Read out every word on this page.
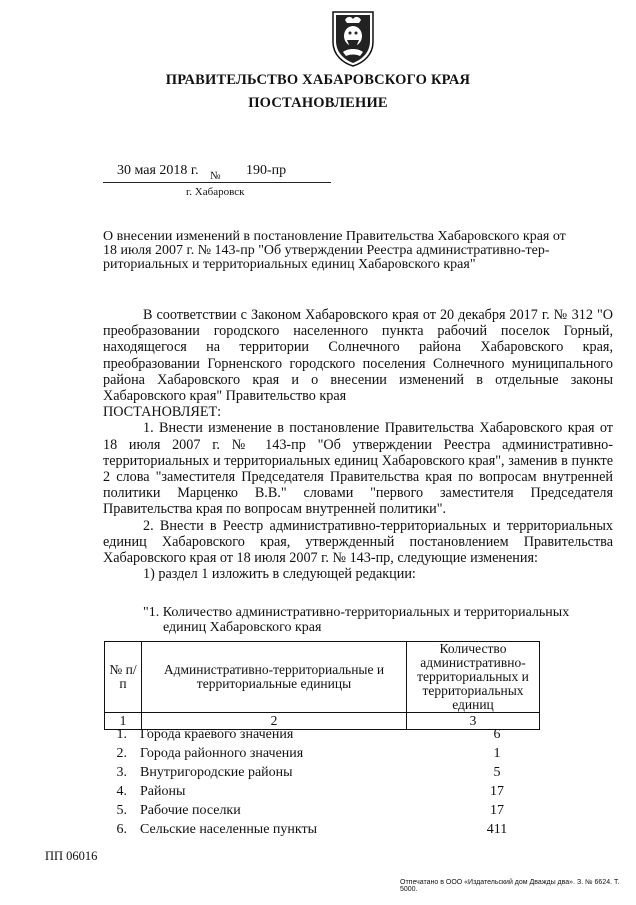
ПРАВИТЕЛЬСТВО ХАБАРОВСКОГО КРАЯ
ПОСТАНОВЛЕНИЕ
30 мая 2018 г. № 190-пр
г. Хабаровск
О внесении изменений в постановление Правительства Хабаровского края от
18 июля 2007 г. № 143-пр "Об утверждении Реестра административно-тер-
риториальных и территориальных единиц Хабаровского края"

В соответствии с Законом Хабаровского края от 20 декабря 2017 г. № 312 "О преобразовании городского населенного пункта рабочий поселок Горный, находящегося на территории Солнечного района Хабаровского края, преобразовании Горненского городского поселения Солнечного муниципального района Хабаровского края и о внесении изменений в отдельные законы Хабаровского края" Правительство края

ПОСТАНОВЛЯЕТ:

1. Внести изменение в постановление Правительства Хабаровского края от 18 июля 2007 г. № 143-пр "Об утверждении Реестра административно-территориальных и территориальных единиц Хабаровского края", заменив в пункте 2 слова "заместителя Председателя Правительства края по вопросам внутренней политики Марценко В.В." словами "первого заместителя Председателя Правительства края по вопросам внутренней политики".

2. Внести в Реестр административно-территориальных и территориальных единиц Хабаровского края, утвержденный постановлением Правительства Хабаровского края от 18 июля 2007 г. № 143-пр, следующие изменения:

1) раздел 1 изложить в следующей редакции:

"1. Количество административно-территориальных и территориальных
единиц Хабаровского края
№ п/п	Административно-территориальные и территориальные единицы	Количество административно-территориальных и территориальных единиц
1	2	3
1. Города краевого значения	6
2. Города районного значения	1
3. Внутригородские районы	5
4. Районы	17
5. Рабочие поселки	17
6. Сельские населенные пункты	411
ПП 06016
Отпечатано в ООО «Издательский дом Дважды два». З. № 6624. Т. 5000.
